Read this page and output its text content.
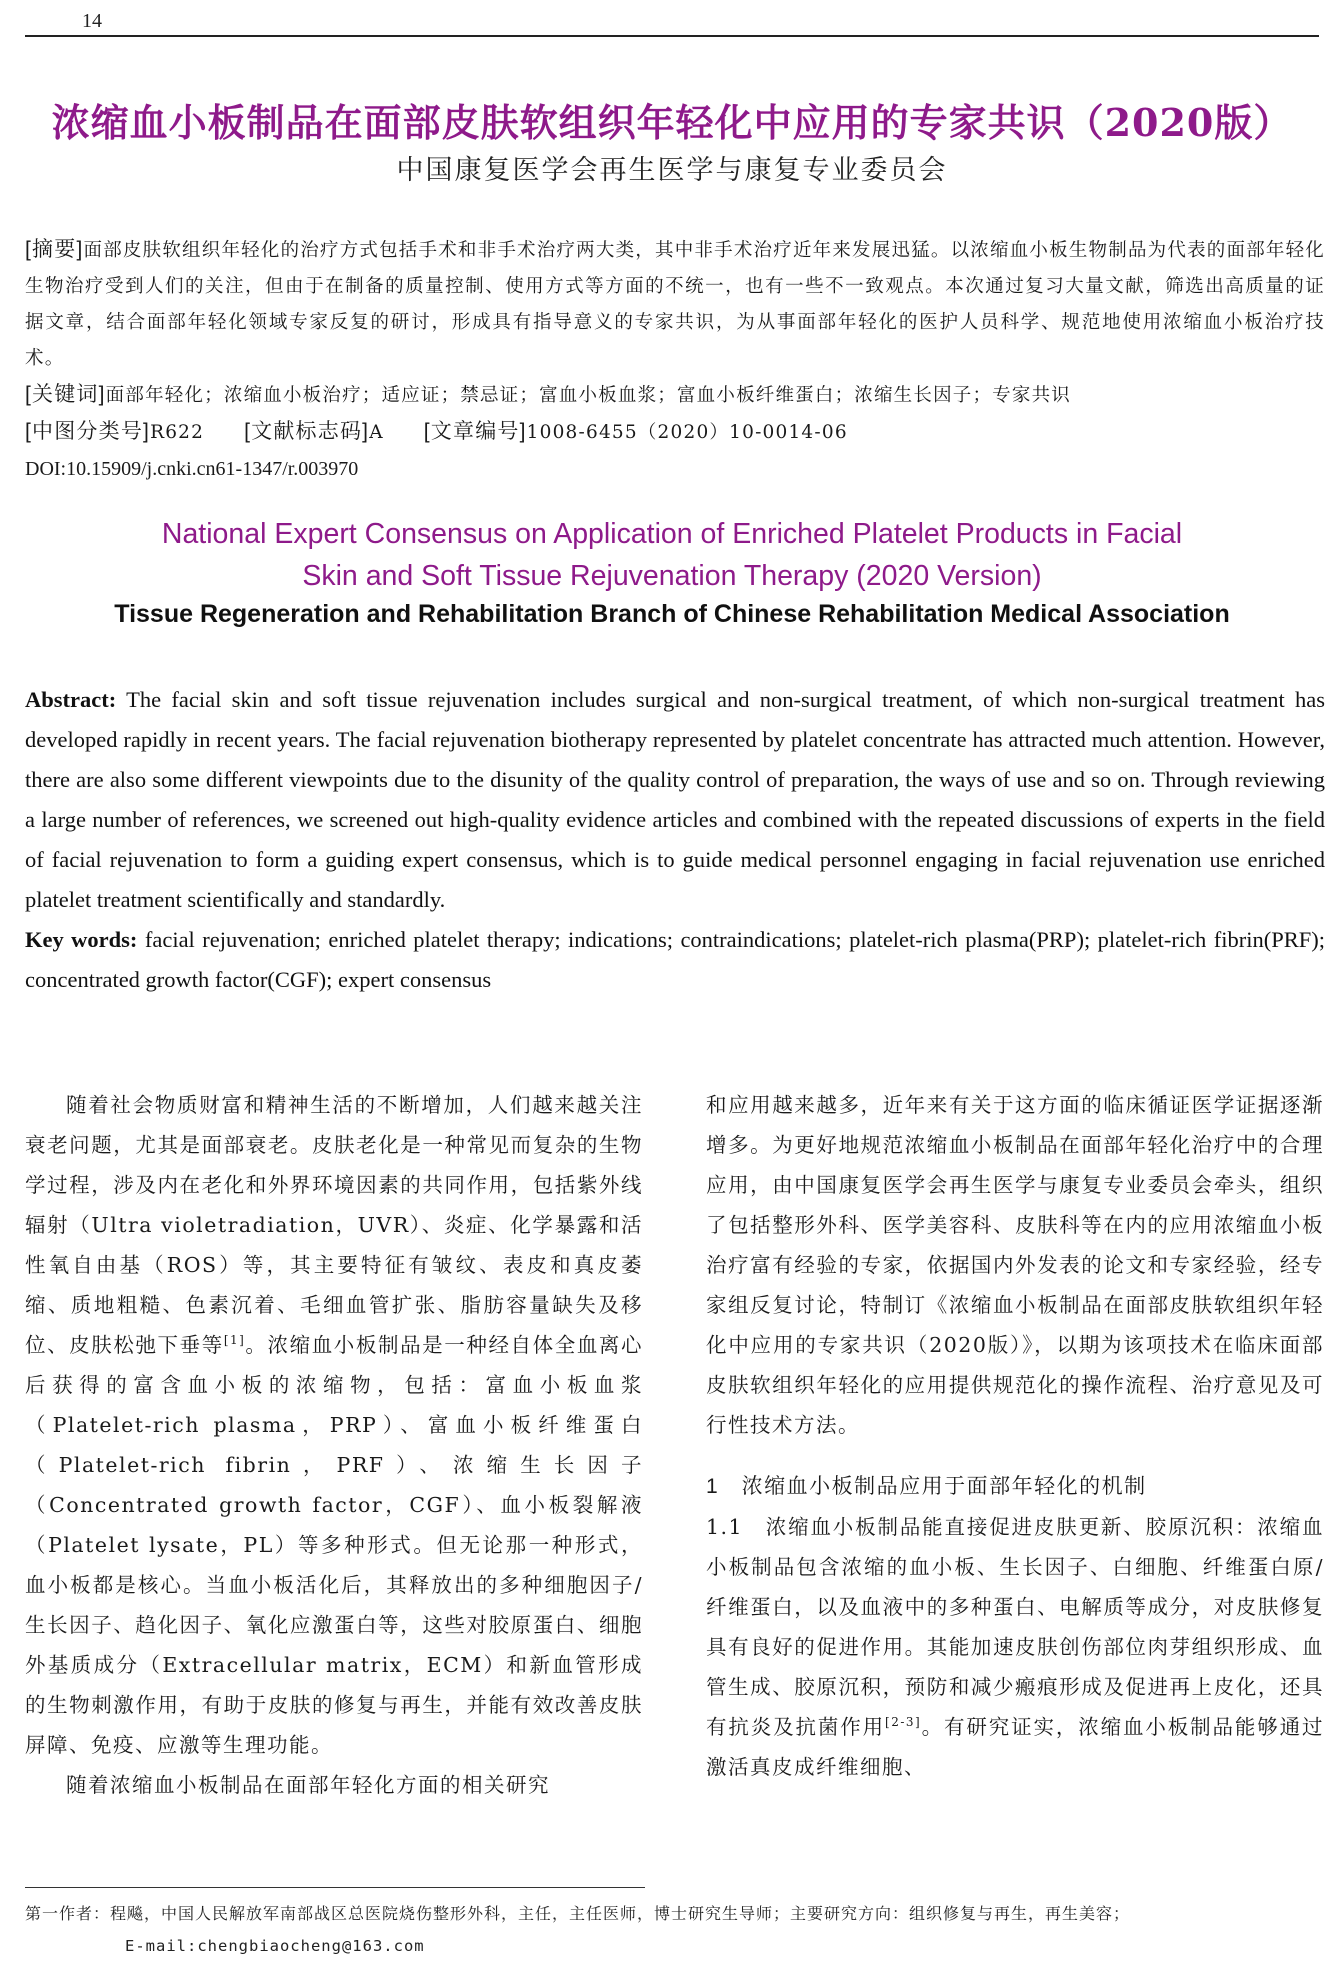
14
浓缩血小板制品在面部皮肤软组织年轻化中应用的专家共识（2020版）
中国康复医学会再生医学与康复专业委员会

[摘要]面部皮肤软组织年轻化的治疗方式包括手术和非手术治疗两大类，其中非手术治疗近年来发展迅猛。以浓缩血小板生物制品为代表的面部年轻化生物治疗受到人们的关注，但由于在制备的质量控制、使用方式等方面的不统一，也有一些不一致观点。本次通过复习大量文献，筛选出高质量的证据文章，结合面部年轻化领域专家反复的研讨，形成具有指导意义的专家共识，为从事面部年轻化的医护人员科学、规范地使用浓缩血小板治疗技术。

[关键词]面部年轻化；浓缩血小板治疗；适应证；禁忌证；富血小板血浆；富血小板纤维蛋白；浓缩生长因子；专家共识

[中图分类号]R622 [文献标志码]A [文章编号]1008-6455（2020）10-0014-06

DOI:10.15909/j.cnki.cn61-1347/r.003970

National Expert Consensus on Application of Enriched Platelet Products in Facial
Skin and Soft Tissue Rejuvenation Therapy (2020 Version)
Tissue Regeneration and Rehabilitation Branch of Chinese Rehabilitation Medical Association

Abstract: The facial skin and soft tissue rejuvenation includes surgical and non-surgical treatment, of which non-surgical treatment has developed rapidly in recent years. The facial rejuvenation biotherapy represented by platelet concentrate has attracted much attention. However, there are also some different viewpoints due to the disunity of the quality control of preparation, the ways of use and so on. Through reviewing a large number of references, we screened out high-quality evidence articles and combined with the repeated discussions of experts in the field of facial rejuvenation to form a guiding expert consensus, which is to guide medical personnel engaging in facial rejuvenation use enriched platelet treatment scientifically and standardly.

Key words: facial rejuvenation; enriched platelet therapy; indications; contraindications; platelet-rich plasma(PRP); platelet-rich fibrin(PRF); concentrated growth factor(CGF); expert consensus

随着社会物质财富和精神生活的不断增加，人们越来越关注衰老问题，尤其是面部衰老。皮肤老化是一种常见而复杂的生物学过程，涉及内在老化和外界环境因素的共同作用，包括紫外线辐射（Ultra violetradiation，UVR）、炎症、化学暴露和活性氧自由基（ROS）等，其主要特征有皱纹、表皮和真皮萎缩、质地粗糙、色素沉着、毛细血管扩张、脂肪容量缺失及移位、皮肤松弛下垂等[1]。浓缩血小板制品是一种经自体全血离心后获得的富含血小板的浓缩物，包括：富血小板血浆（Platelet-rich plasma，PRP）、富血小板纤维蛋白（Platelet-rich fibrin，PRF）、浓缩生长因子（Concentrated growth factor，CGF）、血小板裂解液（Platelet lysate，PL）等多种形式。但无论那一种形式，血小板都是核心。当血小板活化后，其释放出的多种细胞因子/生长因子、趋化因子、氧化应激蛋白等，这些对胶原蛋白、细胞外基质成分（Extracellular matrix，ECM）和新血管形成的生物刺激作用，有助于皮肤的修复与再生，并能有效改善皮肤屏障、免疫、应激等生理功能。

随着浓缩血小板制品在面部年轻化方面的相关研究

和应用越来越多，近年来有关于这方面的临床循证医学证据逐渐增多。为更好地规范浓缩血小板制品在面部年轻化治疗中的合理应用，由中国康复医学会再生医学与康复专业委员会牵头，组织了包括整形外科、医学美容科、皮肤科等在内的应用浓缩血小板治疗富有经验的专家，依据国内外发表的论文和专家经验，经专家组反复讨论，特制订《浓缩血小板制品在面部皮肤软组织年轻化中应用的专家共识（2020版）》，以期为该项技术在临床面部皮肤软组织年轻化的应用提供规范化的操作流程、治疗意见及可行性技术方法。

1　浓缩血小板制品应用于面部年轻化的机制

1.1　浓缩血小板制品能直接促进皮肤更新、胶原沉积：浓缩血小板制品包含浓缩的血小板、生长因子、白细胞、纤维蛋白原/纤维蛋白，以及血液中的多种蛋白、电解质等成分，对皮肤修复具有良好的促进作用。其能加速皮肤创伤部位肉芽组织形成、血管生成、胶原沉积，预防和减少瘢痕形成及促进再上皮化，还具有抗炎及抗菌作用[2-3]。有研究证实，浓缩血小板制品能够通过激活真皮成纤维细胞、

第一作者：程飚，中国人民解放军南部战区总医院烧伤整形外科，主任，主任医师，博士研究生导师；主要研究方向：组织修复与再生，再生美容；

E-mail:chengbiaocheng@163.com
